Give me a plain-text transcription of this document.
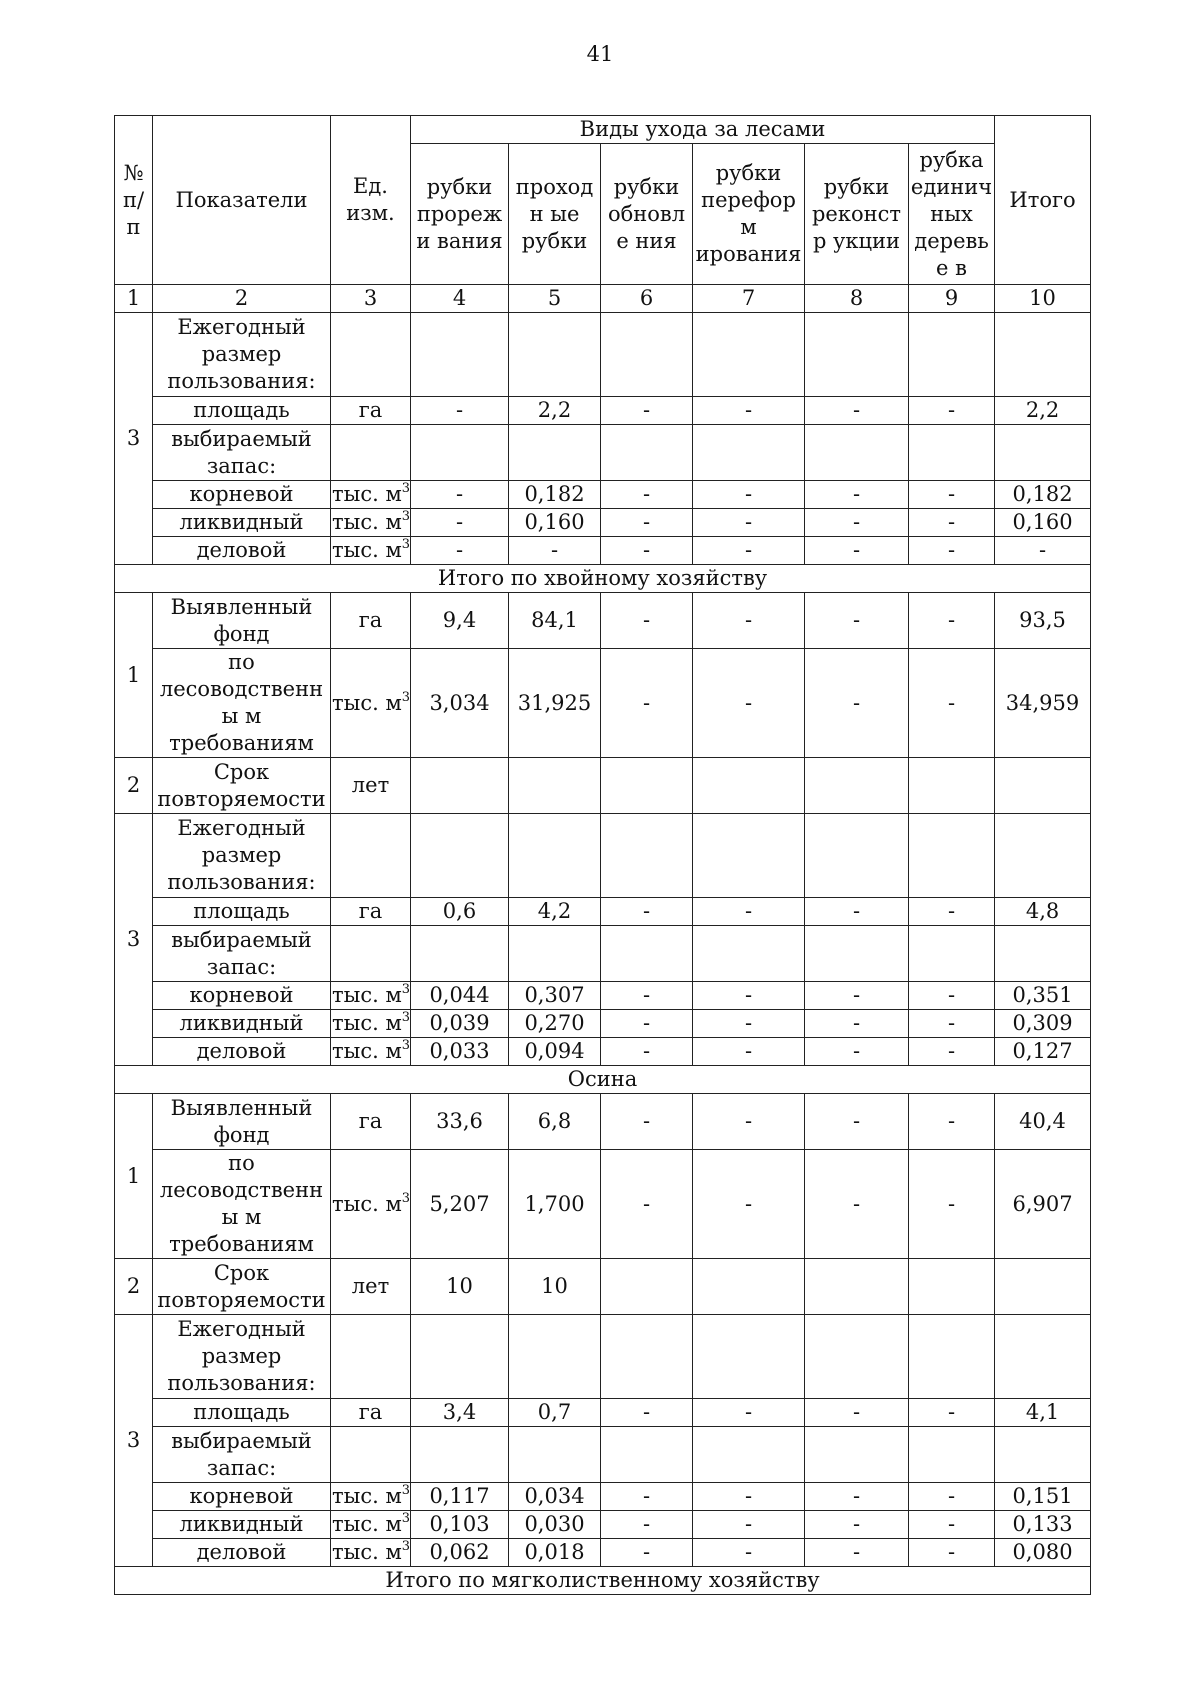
41
№ п/п	Показатели	Ед. изм.	Виды ухода за лесами						Итого
			рубки прорежи вания	проходн ые рубки	рубки обновле ния	рубки переформ ирования	рубки реконстр укции	рубка единич ных деревье в	
1	2	3	4	5	6	7	8	9	10
3	Ежегодный размер пользования:								
	площадь	га	-	2,2	-	-	-	-	2,2
	выбираемый запас:								
	корневой	тыс. $м^3$	-	0,182	-	-	-	-	0,182
	ликвидный	тыс. $м^3$	-	0,160	-	-	-	-	0,160
	деловой	тыс. $м^3$	-	-	-	-	-	-	-
Итого по хвойному хозяйству									
1	Выявленный фонд	га	9,4	84,1	-	-	-	-	93,5
	по лесоводственны м требованиям	тыс. $м^3$	3,034	31,925	-	-	-	-	34,959
2	Срок повторяемости	лет							
3	Ежегодный размер пользования:								
	площадь	га	0,6	4,2	-	-	-	-	4,8
	выбираемый запас:								
	корневой	тыс. $м^3$	0,044	0,307	-	-	-	-	0,351
	ликвидный	тыс. $м^3$	0,039	0,270	-	-	-	-	0,309
	деловой	тыс. $м^3$	0,033	0,094	-	-	-	-	0,127
Осина									
1	Выявленный фонд	га	33,6	6,8	-	-	-	-	40,4
	по лесоводственны м требованиям	тыс. $м^3$	5,207	1,700	-	-	-	-	6,907
2	Срок повторяемости	лет	10	10					
3	Ежегодный размер пользования:								
	площадь	га	3,4	0,7	-	-	-	-	4,1
	выбираемый запас:								
	корневой	тыс. $м^3$	0,117	0,034	-	-	-	-	0,151
	ликвидный	тыс. $м^3$	0,103	0,030	-	-	-	-	0,133
	деловой	тыс. $м^3$	0,062	0,018	-	-	-	-	0,080
Итого по мягколиственному хозяйству									
